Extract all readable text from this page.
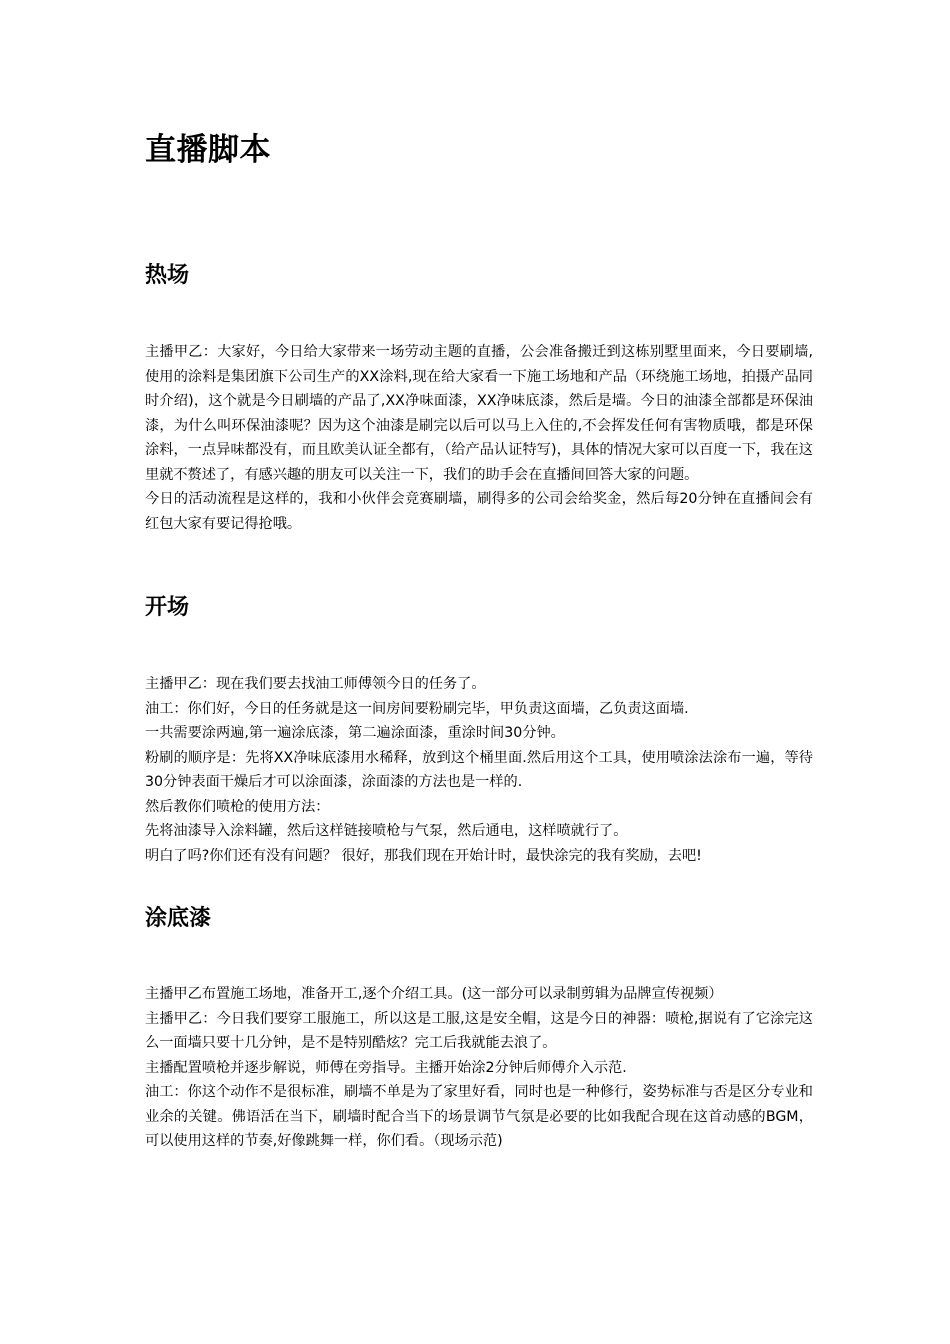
直播脚本
热场

主播甲乙：大家好，今日给大家带来一场劳动主题的直播，公会准备搬迁到这栋别墅里面来，今日要刷墙,使用的涂料是集团旗下公司生产的XX涂料,现在给大家看一下施工场地和产品（环绕施工场地，拍摄产品同时介绍)，这个就是今日刷墙的产品了,XX净味面漆，XX净味底漆，然后是墙。今日的油漆全部都是环保油漆，为什么叫环保油漆呢？因为这个油漆是刷完以后可以马上入住的,不会挥发任何有害物质哦，都是环保涂料，一点异味都没有，而且欧美认证全都有，（给产品认证特写)，具体的情况大家可以百度一下，我在这里就不赘述了，有感兴趣的朋友可以关注一下，我们的助手会在直播间回答大家的问题。

今日的活动流程是这样的，我和小伙伴会竞赛刷墙，刷得多的公司会给奖金，然后每20分钟在直播间会有红包大家有要记得抢哦。

开场

主播甲乙：现在我们要去找油工师傅领今日的任务了。

油工：你们好，今日的任务就是这一间房间要粉刷完毕，甲负责这面墙，乙负责这面墙.

一共需要涂两遍,第一遍涂底漆，第二遍涂面漆，重涂时间30分钟。

粉刷的顺序是：先将XX净味底漆用水稀释，放到这个桶里面.然后用这个工具，使用喷涂法涂布一遍，等待30分钟表面干燥后才可以涂面漆，涂面漆的方法也是一样的.

然后教你们喷枪的使用方法：

先将油漆导入涂料罐，然后这样链接喷枪与气泵，然后通电，这样喷就行了。

明白了吗?你们还有没有问题？ 很好，那我们现在开始计时，最快涂完的我有奖励，去吧!

涂底漆

主播甲乙布置施工场地，准备开工,逐个介绍工具。(这一部分可以录制剪辑为品牌宣传视频）

主播甲乙：今日我们要穿工服施工，所以这是工服,这是安全帽，这是今日的神器：喷枪,据说有了它涂完这么一面墙只要十几分钟，是不是特别酷炫？完工后我就能去浪了。

主播配置喷枪并逐步解说，师傅在旁指导。主播开始涂2分钟后师傅介入示范.

油工：你这个动作不是很标准，刷墙不单是为了家里好看，同时也是一种修行，姿势标准与否是区分专业和业余的关键。佛语活在当下，刷墙时配合当下的场景调节气氛是必要的比如我配合现在这首动感的BGM，可以使用这样的节奏,好像跳舞一样，你们看。（现场示范)
